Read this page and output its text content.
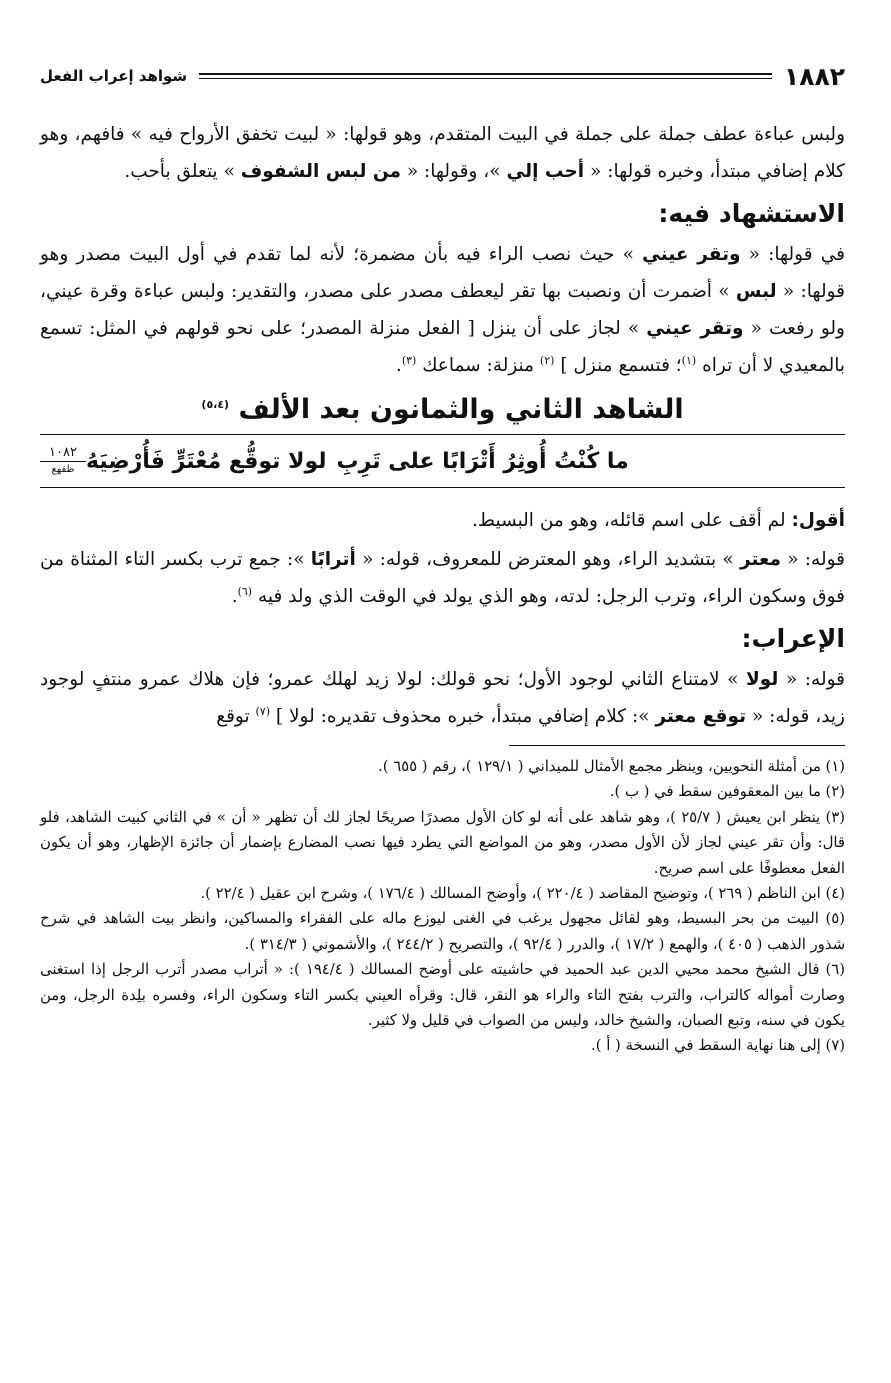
١٨٨٢
شواهد إعراب الفعل

ولبس عباءة عطف جملة على جملة في البيت المتقدم، وهو قولها: « لبيت تخفق الأرواح فيه » فافهم، وهو كلام إضافي مبتدأ، وخبره قولها: « أحب إلي »، وقولها: « من لبس الشفوف » يتعلق بأحب.

الاستشهاد فيه:

في قولها: « وتقر عيني » حيث نصب الراء فيه بأن مضمرة؛ لأنه لما تقدم في أول البيت مصدر وهو قولها: « لبس » أضمرت أن ونصبت بها تقر ليعطف مصدر على مصدر، والتقدير: ولبس عباءة وقرة عيني، ولو رفعت « وتقر عيني » لجاز على أن ينزل [ الفعل منزلة المصدر؛ على نحو قولهم في المثل: تسمع بالمعيدي لا أن تراه $^{(١)}$؛ فتسمع منزل ] $^{(٢)}$ منزلة: سماعك $^{(٣)}$.

الشاهد الثاني والثمانون بعد الألف $^{(٥،٤)}$
ما كُنْتُ أُوثِرُ أَتْرَابًا على تَرِبِ
لولا توقُّع مُعْتَرٍّ فَأُرْضِيَهُ
١٠٨٢
ظقهع

أقول: لم أقف على اسم قائله، وهو من البسيط.

قوله: « معتر » بتشديد الراء، وهو المعترض للمعروف، قوله: « أترابًا »: جمع ترب بكسر التاء المثناة من فوق وسكون الراء، وترب الرجل: لدته، وهو الذي يولد في الوقت الذي ولد فيه $^{(٦)}$.

الإعراب:

قوله: « لولا » لامتناع الثاني لوجود الأول؛ نحو قولك: لولا زيد لهلك عمرو؛ فإن هلاك عمرو منتفٍ لوجود زيد، قوله: « توقع معتر »: كلام إضافي مبتدأ، خبره محذوف تقديره: لولا ] $^{(٧)}$ توقع

(١) من أمثلة النحويين، وينظر مجمع الأمثال للميداني ( ١٢٩/١ )، رقم ( ٦٥٥ ).

(٢) ما بين المعقوفين سقط في ( ب ).

(٣) ينظر ابن يعيش ( ٢٥/٧ )، وهو شاهد على أنه لو كان الأول مصدرًا صريحًا لجاز لك أن تظهر « أن » في الثاني كبيت الشاهد، فلو قال: وأن تقر عيني لجاز لأن الأول مصدر، وهو من المواضع التي يطرد فيها نصب المضارع بإضمار أن جائزة الإظهار، وهو أن يكون الفعل معطوفًا على اسم صريح.

(٤) ابن الناظم ( ٢٦٩ )، وتوضيح المقاصد ( ٢٢٠/٤ )، وأوضح المسالك ( ١٧٦/٤ )، وشرح ابن عقيل ( ٢٢/٤ ).

(٥) البيت من بحر البسيط، وهو لقائل مجهول يرغب في الغنى ليوزع ماله على الفقراء والمساكين، وانظر بيت الشاهد في شرح شذور الذهب ( ٤٠٥ )، والهمع ( ١٧/٢ )، والدرر ( ٩٢/٤ )، والتصريح ( ٢٤٤/٢ )، والأشموني ( ٣١٤/٣ ).

(٦) قال الشيخ محمد محيي الدين عبد الحميد في حاشيته على أوضح المسالك ( ١٩٤/٤ ): « أتراب مصدر أترب الرجل إذا استغنى وصارت أمواله كالتراب، والترب بفتح التاء والراء هو النقر، قال: وقرأه العيني بكسر التاء وسكون الراء، وفسره بلِدة الرجل، ومن يكون في سنه، وتبع الصبان، والشيخ خالد، وليس من الصواب في قليل ولا كثير.

(٧) إلى هنا نهاية السقط في النسخة ( أ ).
